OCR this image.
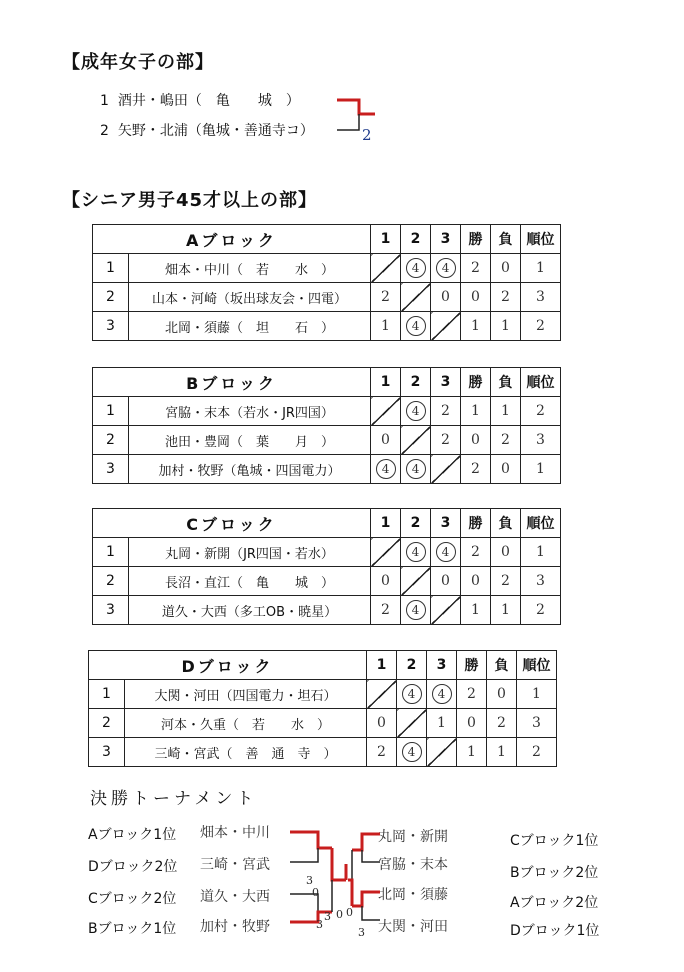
【成年女子の部】
1 酒井・嶋田（　亀　　城　）
2 矢野・北浦（亀城・善通寺コ）	2
【シニア男子45才以上の部】
Aブロック		1	2	3	勝	負	順位
1	畑本・中川（　若　　水　）		4	4	2	0	1
2	山本・河崎（坂出球友会・四電）	2		0	0	2	3
3	北岡・須藤（　坦　　石　）	1	4		1	1	2
Bブロック		1	2	3	勝	負	順位
1	宮脇・末本（若水・JR四国）		4	2	1	1	2
2	池田・豊岡（　葉　　月　）	0		2	0	2	3
3	加村・牧野（亀城・四国電力）	4	4		2	0	1
Cブロック		1	2	3	勝	負	順位
1	丸岡・新開（JR四国・若水）		4	4	2	0	1
2	長沼・直江（　亀　　城　）	0		0	0	2	3
3	道久・大西（多工OB・暁星）	2	4		1	1	2
Dブロック		1	2	3	勝	負	順位
1	大関・河田（四国電力・坦石）		4	4	2	0	1
2	河本・久重（　若　　水　）	0		1	0	2	3
3	三崎・宮武（　善　通　寺　）	2	4		1	1	2
決勝トーナメント
Aブロック1位 畑本・中川
Dブロック2位 三崎・宮武
Cブロック2位 道久・大西
Bブロック1位 加村・牧野
丸岡・新開	Cブロック1位
宮脇・末本	Bブロック2位
北岡・須藤	Aブロック2位
大関・河田	Dブロック1位
3
0
0
3
3
0
3
